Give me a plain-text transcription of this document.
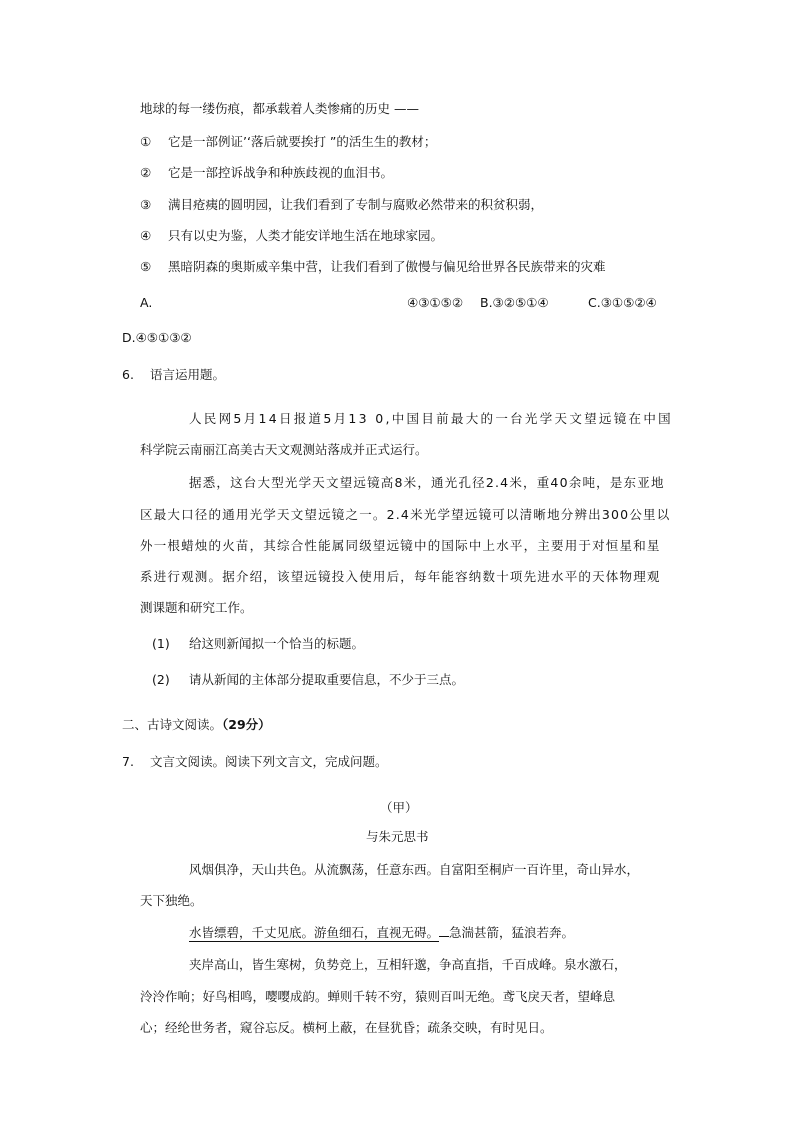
地球的每一缕伤痕，都承载着人类惨痛的历史 ——
① 它是一部例证’‘落后就要挨打 ”的活生生的教材；
② 它是一部控诉战争和种族歧视的血泪书。
③ 满目疮痍的圆明园，让我们看到了专制与腐败必然带来的积贫积弱，
④ 只有以史为鉴，人类才能安详地生活在地球家园。
⑤ 黑暗阴森的奥斯威辛集中营，让我们看到了傲慢与偏见给世界各民族带来的灾难
A.	④③①⑤② B.③②⑤①④	C.③①⑤②④
D.④⑤①③②
6. 语言运用题。
人民网5月14日报道5月13 0,中国目前最大的一台光学天文望远镜在中国
科学院云南丽江高美古天文观测站落成并正式运行。
据悉，这台大型光学天文望远镜高8米，通光孔径2.4米，重40余吨，是东亚地
区最大口径的通用光学天文望远镜之一。2.4米光学望远镜可以清晰地分辨出300公里以
外一根蜡烛的火苗，其综合性能属同级望远镜中的国际中上水平，主要用于对恒星和星
系进行观测。据介绍，该望远镜投入使用后，每年能容纳数十项先进水平的天体物理观
测课题和研究工作。
(1) 给这则新闻拟一个恰当的标题。
(2) 请从新闻的主体部分提取重要信息，不少于三点。
二、古诗文阅读。（29分）
7. 文言文阅读。阅读下列文言文，完成问题。
（甲）
与朱元思书
风烟俱净，天山共色。从流飘荡，任意东西。自富阳至桐庐一百许里，奇山异水，
天下独绝。
水皆缥碧，千丈见底。游鱼细石，直视无碍。 急湍甚箭，猛浪若奔。
夹岸高山，皆生寒树，负势竞上，互相轩邈，争高直指，千百成峰。泉水激石，
泠泠作响；好鸟相鸣，嘤嘤成韵。蝉则千转不穷，猿则百叫无绝。鸢飞戾天者，望峰息
心；经纶世务者，窥谷忘反。横柯上蔽，在昼犹昏；疏条交映，有时见日。
